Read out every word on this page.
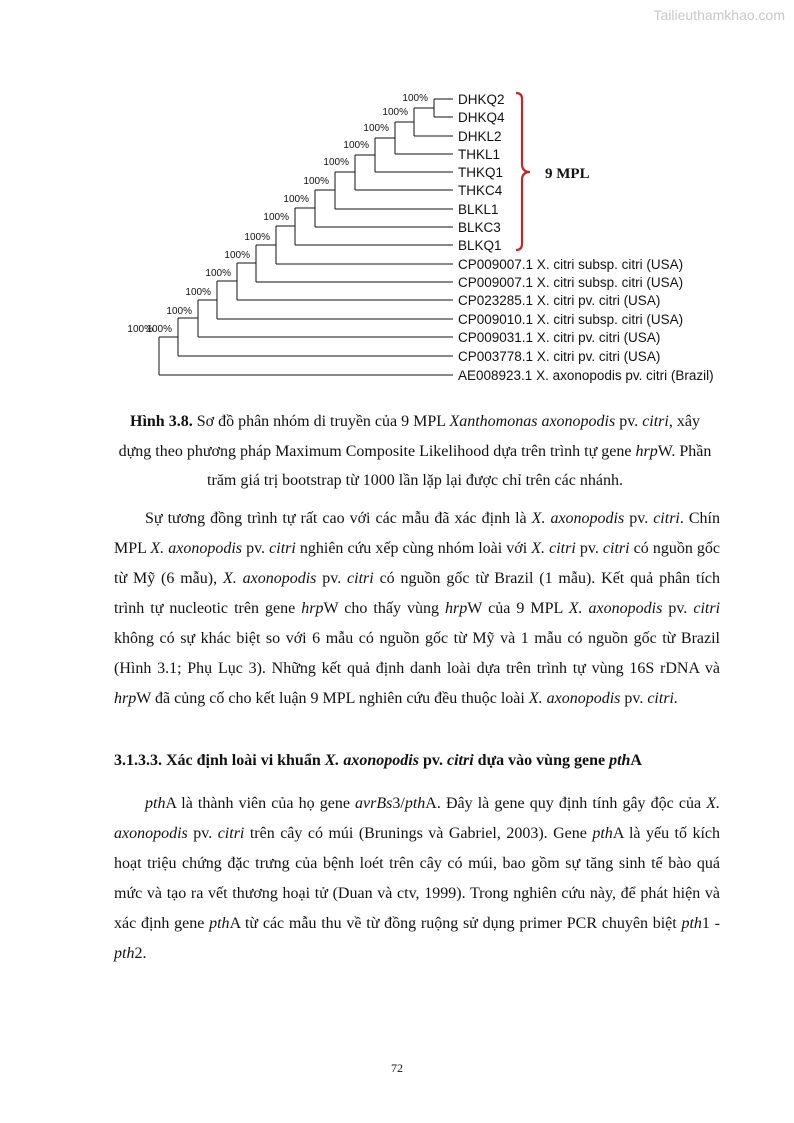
Tailieuthamkhao.com
100%
100%
100%
100%
100%
100%
100%
100%
100%
100%
100%
100%
100%
100%
100%
DHKQ2
DHKQ4
DHKL2
THKL1
THKQ1
THKC4
BLKL1
BLKC3
BLKQ1
CP009007.1 X. citri subsp. citri (USA)
CP009007.1 X. citri subsp. citri (USA)
CP023285.1 X. citri pv. citri (USA)
CP009010.1 X. citri subsp. citri (USA)
CP009031.1 X. citri pv. citri (USA)
CP003778.1 X. citri pv. citri (USA)
AE008923.1 X. axonopodis pv. citri (Brazil)
9 MPL
Hình 3.8. Sơ đồ phân nhóm di truyền của 9 MPL Xanthomonas axonopodis pv. citri, xây dựng theo phương pháp Maximum Composite Likelihood dựa trên trình tự gene hrpW. Phần trăm giá trị bootstrap từ 1000 lần lặp lại được chỉ trên các nhánh.
Sự tương đồng trình tự rất cao với các mẫu đã xác định là X. axonopodis pv. citri. Chín MPL X. axonopodis pv. citri nghiên cứu xếp cùng nhóm loài với X. citri pv. citri có nguồn gốc từ Mỹ (6 mẫu), X. axonopodis pv. citri có nguồn gốc từ Brazil (1 mẫu). Kết quả phân tích trình tự nucleotic trên gene hrpW cho thấy vùng hrpW của 9 MPL X. axonopodis pv. citri không có sự khác biệt so với 6 mẫu có nguồn gốc từ Mỹ và 1 mẫu có nguồn gốc từ Brazil (Hình 3.1; Phụ Lục 3). Những kết quả định danh loài dựa trên trình tự vùng 16S rDNA và hrpW đã củng cố cho kết luận 9 MPL nghiên cứu đều thuộc loài X. axonopodis pv. citri.
3.1.3.3. Xác định loài vi khuẩn X. axonopodis pv. citri dựa vào vùng gene pthA
pthA là thành viên của họ gene avrBs3/pthA. Đây là gene quy định tính gây độc của X. axonopodis pv. citri trên cây có múi (Brunings và Gabriel, 2003). Gene pthA là yếu tố kích hoạt triệu chứng đặc trưng của bệnh loét trên cây có múi, bao gồm sự tăng sinh tế bào quá mức và tạo ra vết thương hoại tử (Duan và ctv, 1999). Trong nghiên cứu này, để phát hiện và xác định gene pthA từ các mẫu thu về từ đồng ruộng sử dụng primer PCR chuyên biệt pth1 - pth2.
72
